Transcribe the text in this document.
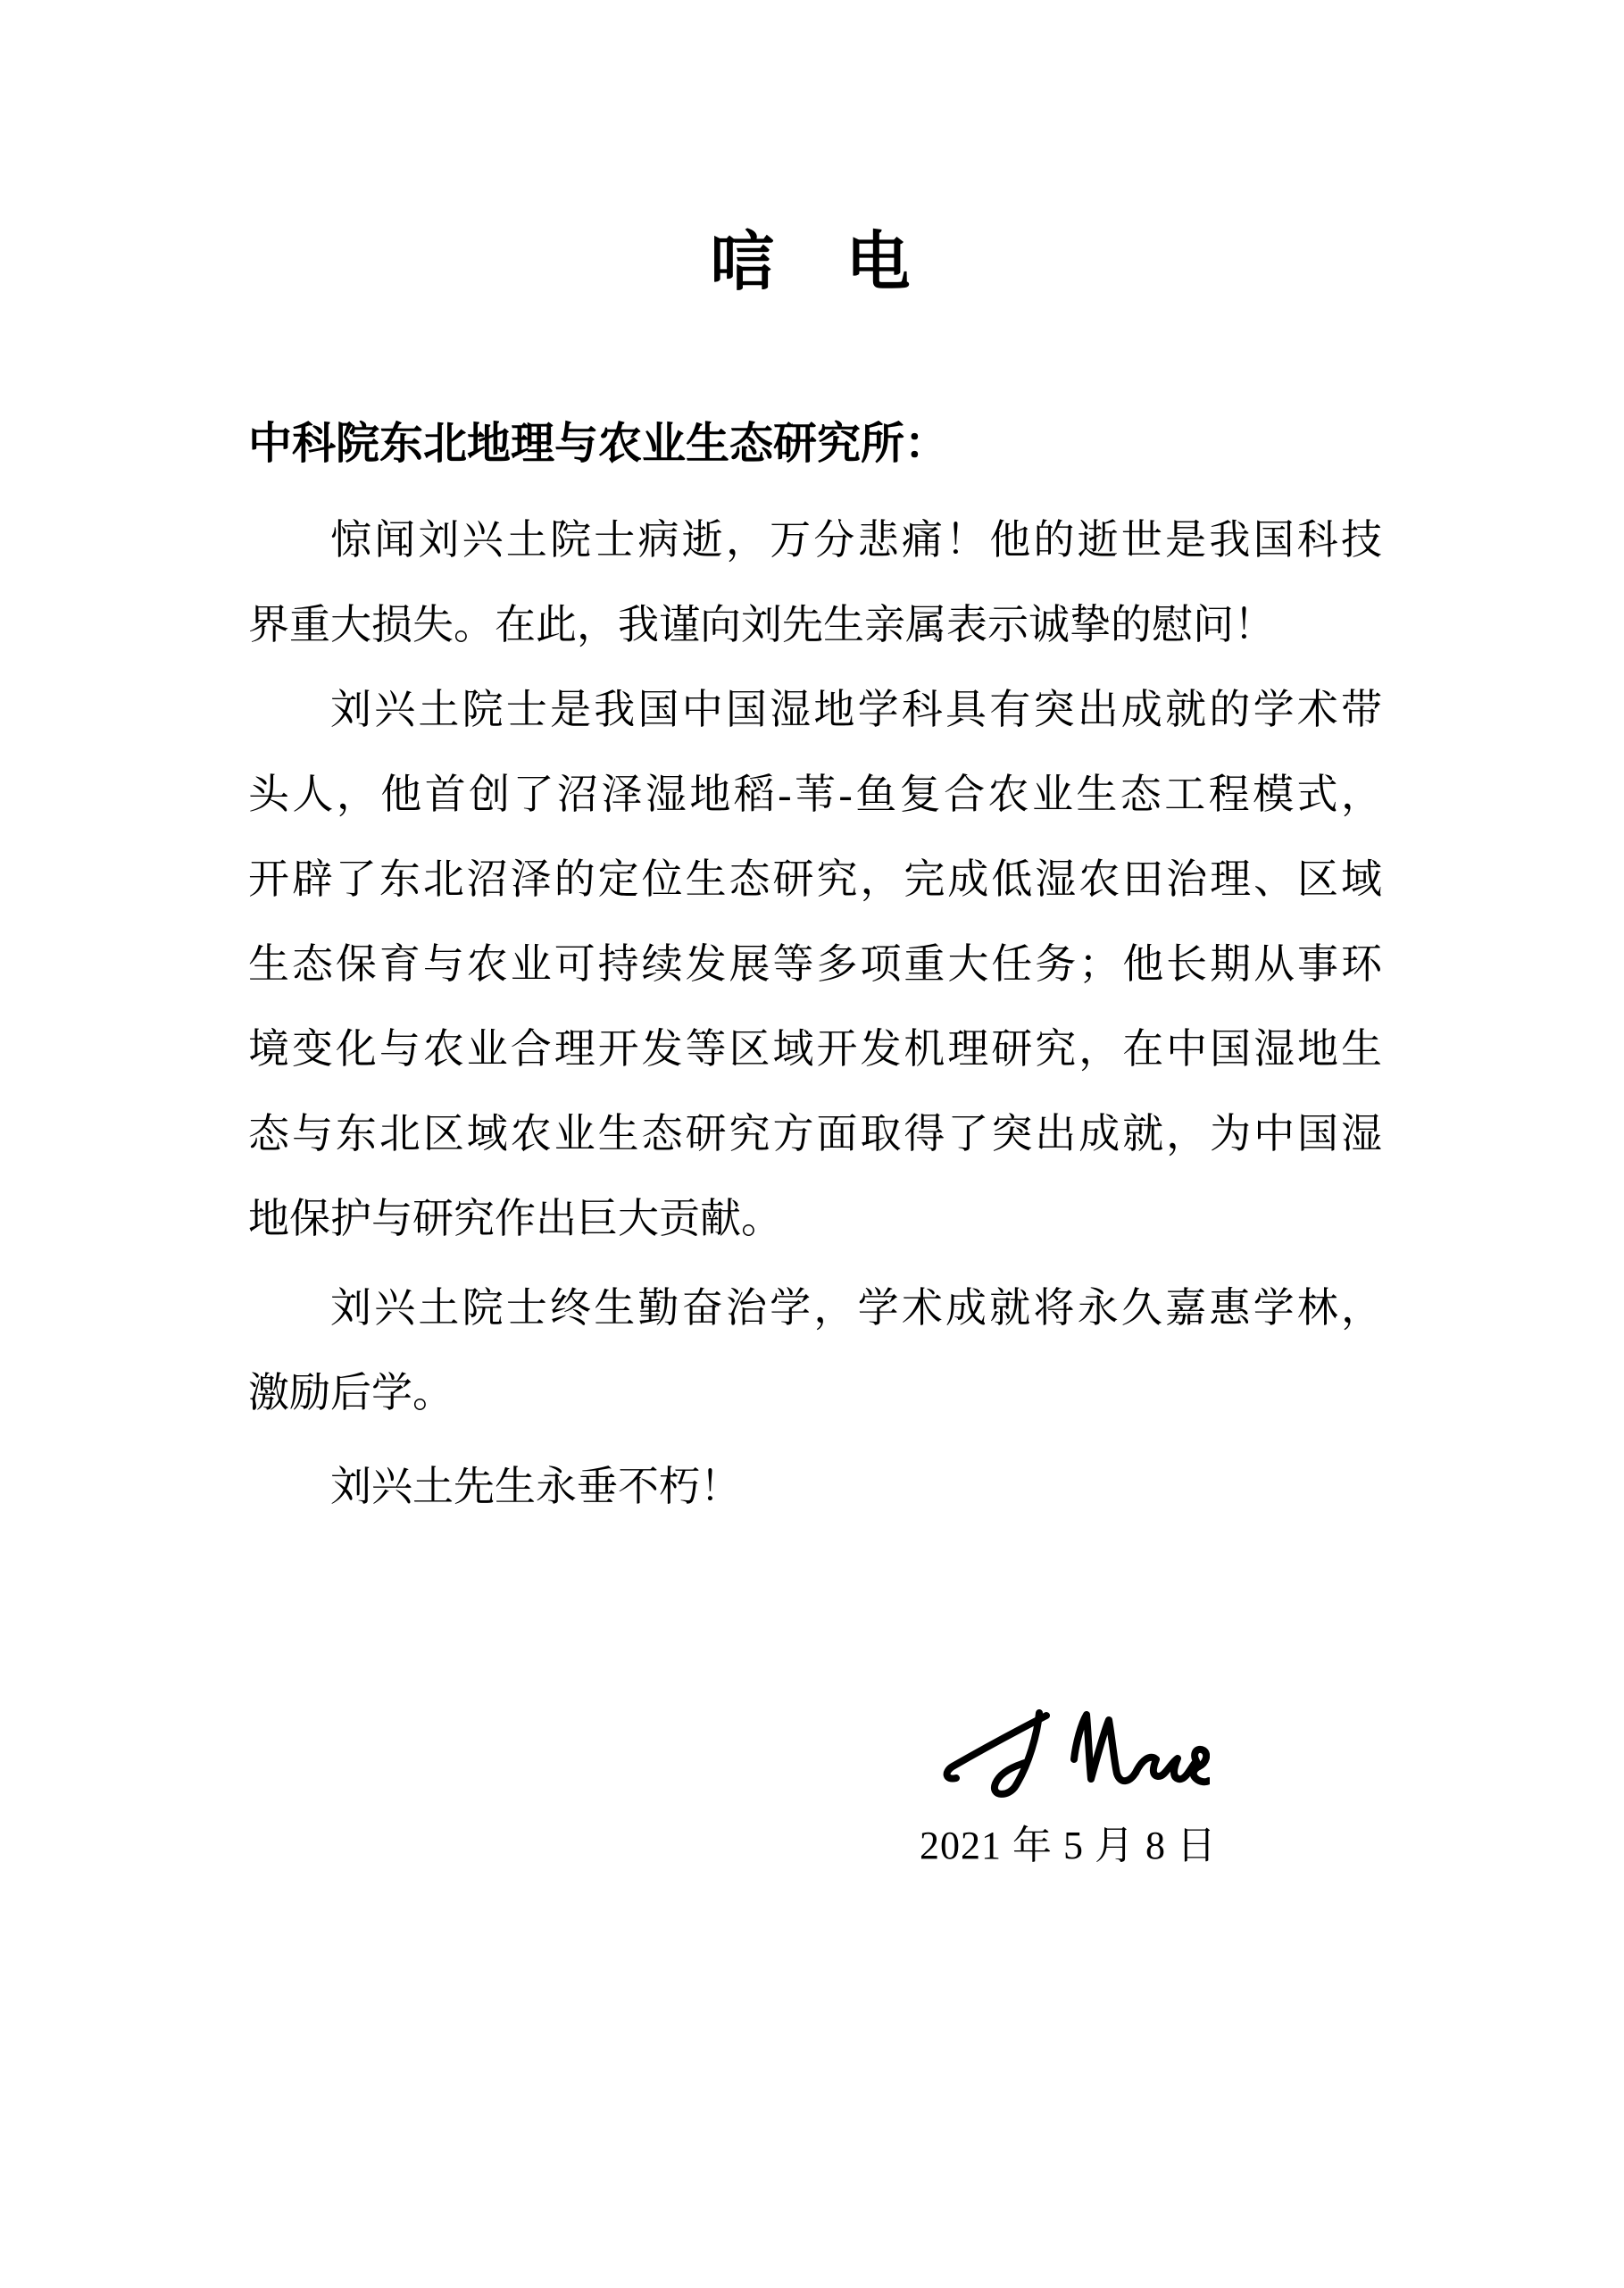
唁　电
中科院东北地理与农业生态研究所：
惊闻刘兴土院士病逝，万分悲痛！他的逝世是我国科技
界重大损失。在此，我谨向刘先生亲属表示诚挚的慰问！
刘兴土院士是我国中国湿地学科具有突出成就的学术带
头人，他首创了沼泽湿地稻-苇-鱼复合农业生态工程模式，
开辟了东北沼泽的定位生态研究，完成低湿农田治理、区域
生态保育与农业可持续发展等多项重大任务；他长期从事环
境变化与农业合理开发等区域开发机理研究，在中国湿地生
态与东北区域农业生态研究方面取得了突出成就，为中国湿
地保护与研究作出巨大贡献。
刘兴土院士终生勤奋治学，学术成就将永久嘉惠学林，
激励后学。
刘兴土先生永垂不朽！
2021 年 5 月 8 日
